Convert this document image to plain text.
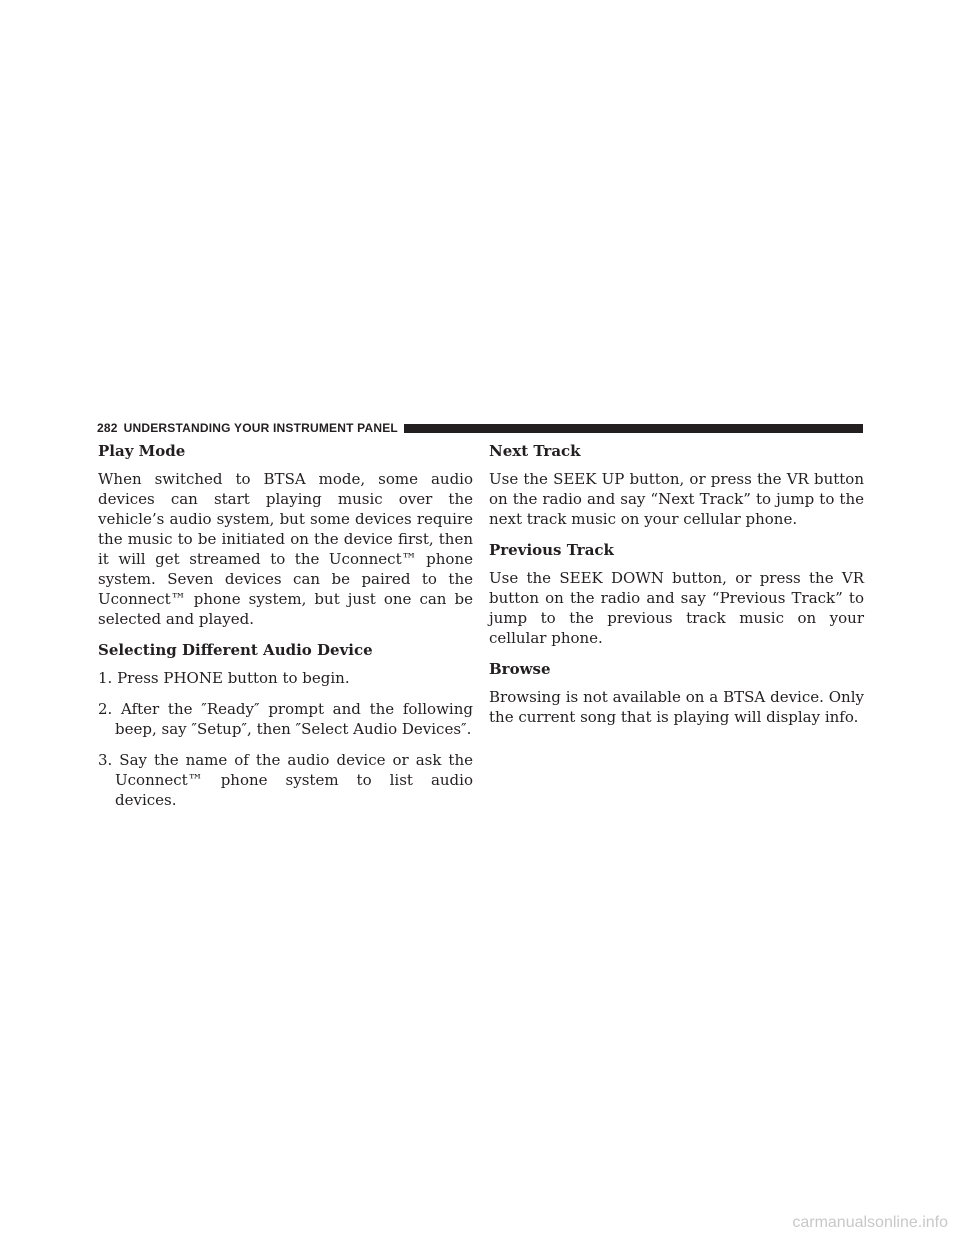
282 UNDERSTANDING YOUR INSTRUMENT PANEL
Play Mode

When switched to BTSA mode, some audio devices can start playing music over the vehicle’s audio system, but some devices require the music to be initiated on the device first, then it will get streamed to the Uconnect™ phone system. Seven devices can be paired to the Uconnect™ phone system, but just one can be selected and played.

Selecting Different Audio Device
1. Press PHONE button to begin.
2. After the ″Ready″ prompt and the following beep, say ″Setup″, then ″Select Audio Devices″.
3. Say the name of the audio device or ask the Uconnect™ phone system to list audio devices.
Next Track

Use the SEEK UP button, or press the VR button on the radio and say “Next Track” to jump to the next track music on your cellular phone.

Previous Track

Use the SEEK DOWN button, or press the VR button on the radio and say “Previous Track” to jump to the previous track music on your cellular phone.

Browse

Browsing is not available on a BTSA device. Only the current song that is playing will display info.

carmanualsonline.info
